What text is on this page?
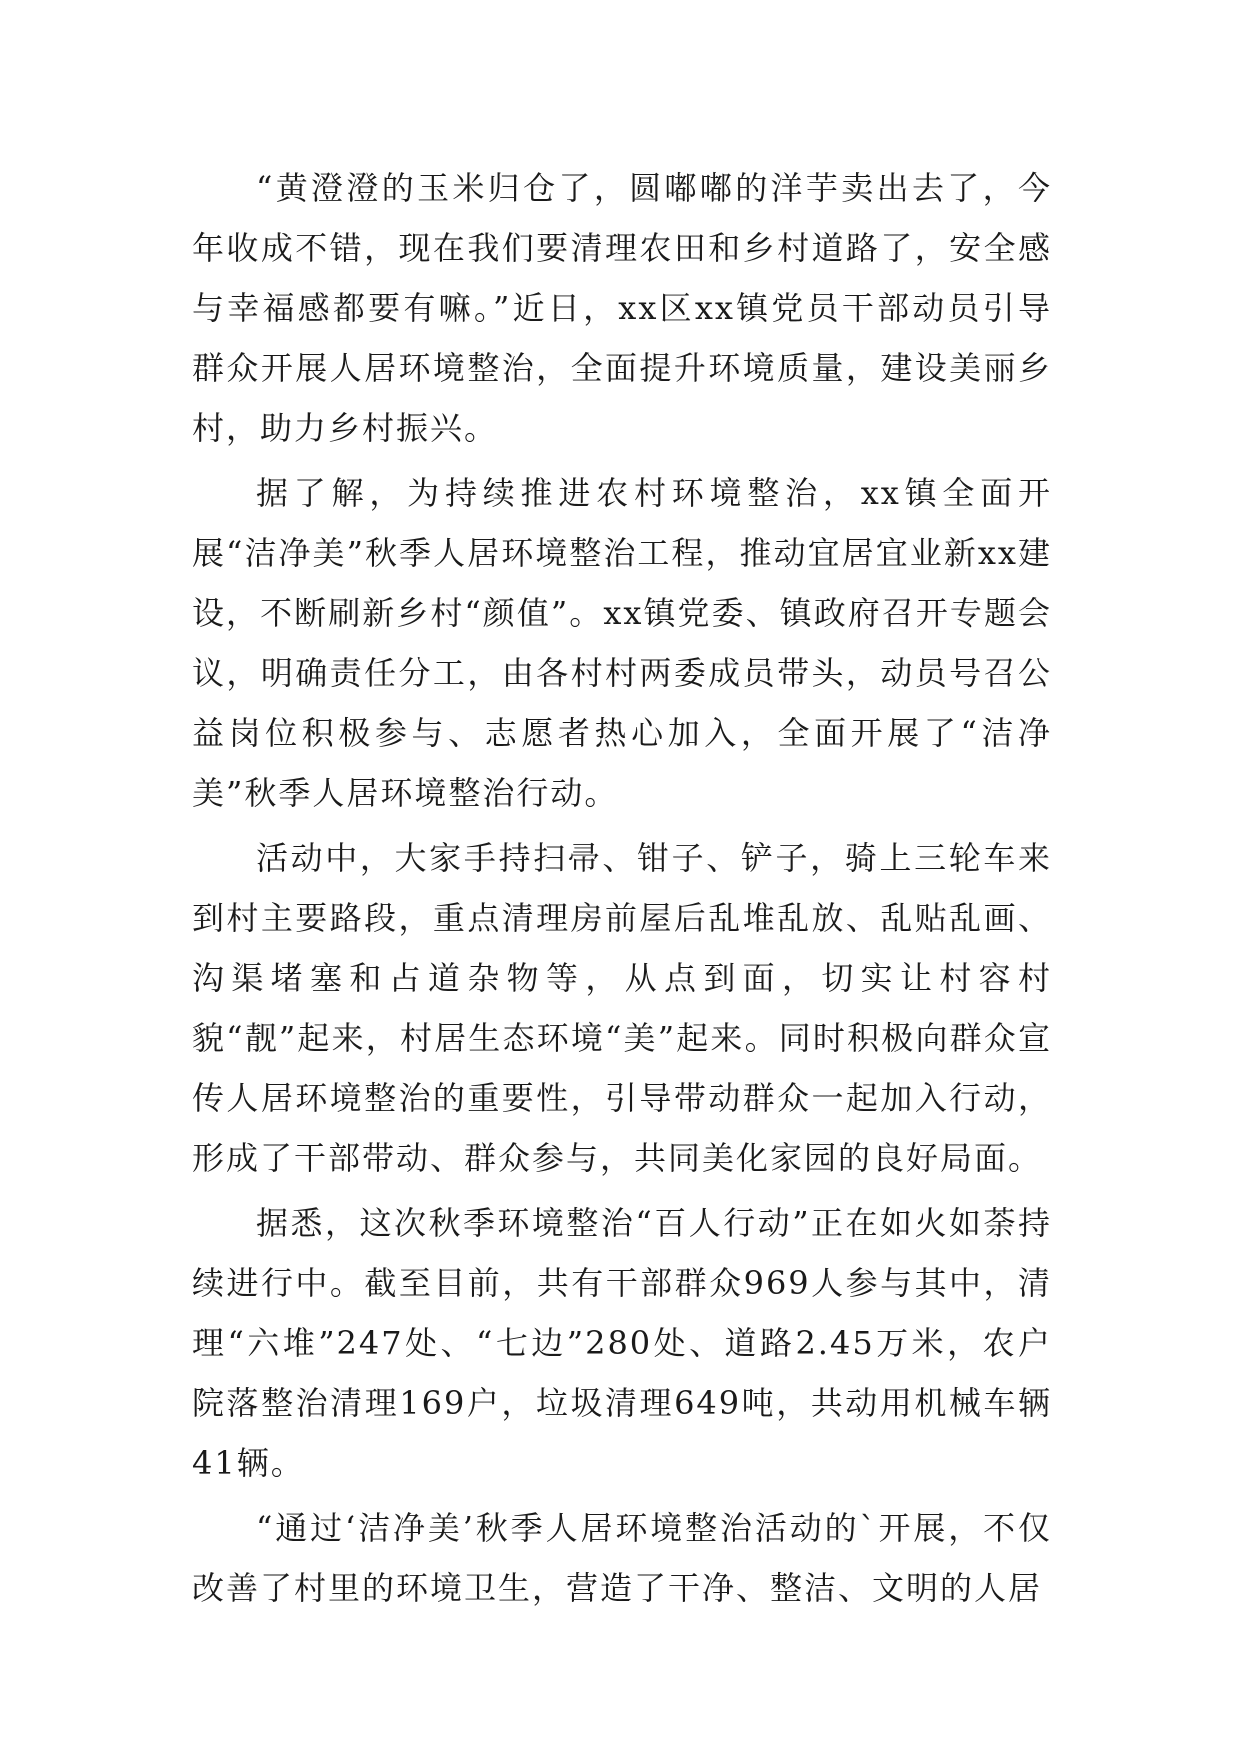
“黄澄澄的玉米归仓了，圆嘟嘟的洋芋卖出去了，今年收成不错，现在我们要清理农田和乡村道路了，安全感与幸福感都要有嘛。”近日，xx区xx镇党员干部动员引导群众开展人居环境整治，全面提升环境质量，建设美丽乡村，助力乡村振兴。

据了解，为持续推进农村环境整治，xx镇全面开展“洁净美”秋季人居环境整治工程，推动宜居宜业新xx建设，不断刷新乡村“颜值”。xx镇党委、镇政府召开专题会议，明确责任分工，由各村村两委成员带头，动员号召公益岗位积极参与、志愿者热心加入，全面开展了“洁净美”秋季人居环境整治行动。

活动中，大家手持扫帚、钳子、铲子，骑上三轮车来到村主要路段，重点清理房前屋后乱堆乱放、乱贴乱画、沟渠堵塞和占道杂物等，从点到面，切实让村容村貌“靓”起来，村居生态环境“美”起来。同时积极向群众宣传人居环境整治的重要性，引导带动群众一起加入行动，形成了干部带动、群众参与，共同美化家园的良好局面。

据悉，这次秋季环境整治“百人行动”正在如火如荼持续进行中。截至目前，共有干部群众969人参与其中，清理“六堆”247处、“七边”280处、道路2.45万米，农户院落整治清理169户，垃圾清理649吨，共动用机械车辆41辆。

“通过‘洁净美’秋季人居环境整治活动的`开展，不仅改善了村里的环境卫生，营造了干净、整洁、文明的人居
